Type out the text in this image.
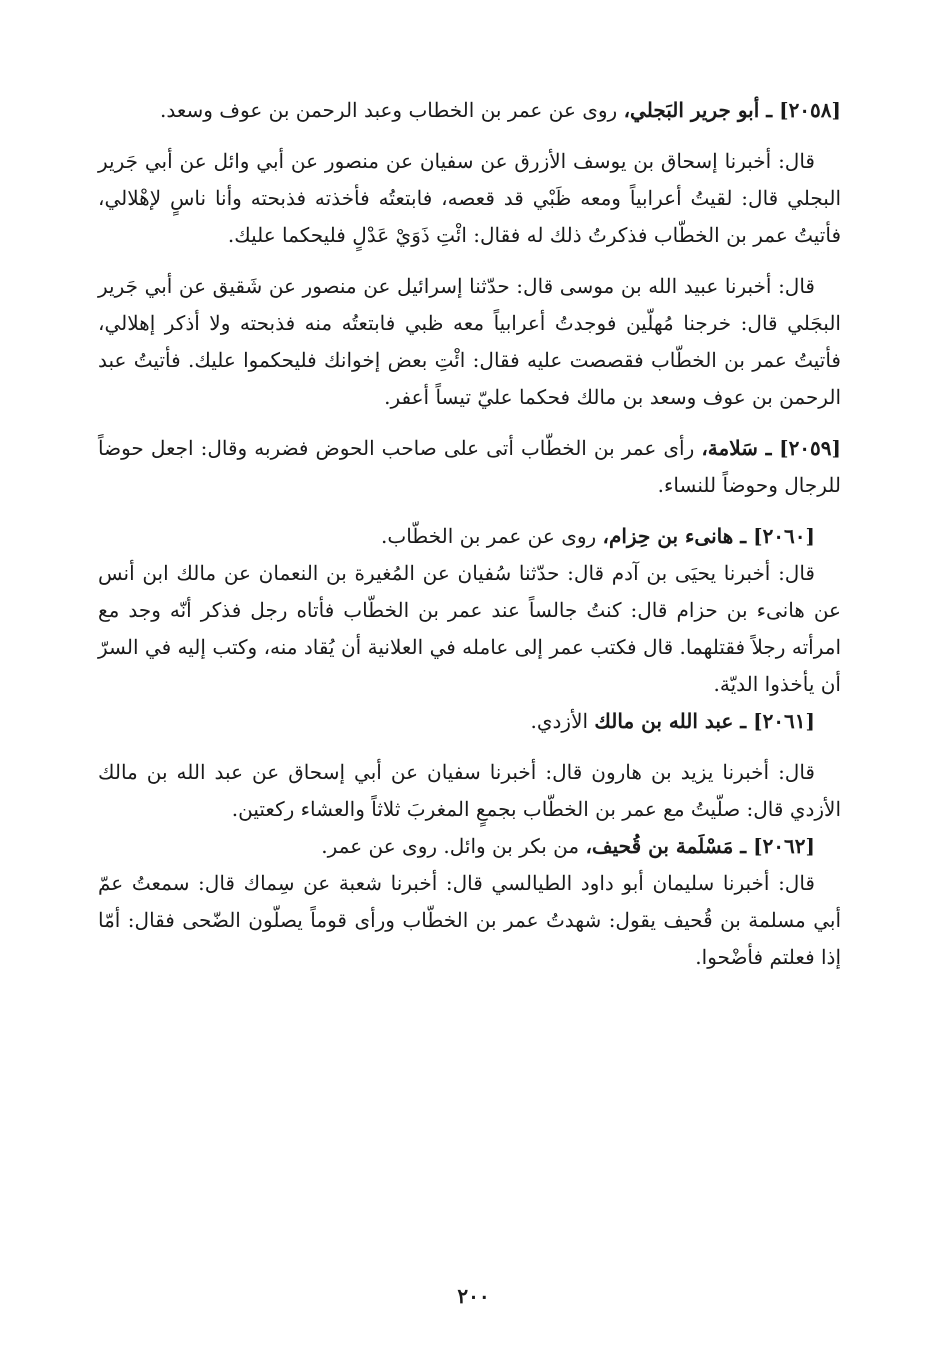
[٢٠٥٨] ـ أبو جرير البَجلي، روى عن عمر بن الخطاب وعبد الرحمن بن عوف وسعد.

قال: أخبرنا إسحاق بن يوسف الأزرق عن سفيان عن منصور عن أبي وائل عن أبي جَرير البجلي قال: لقيتُ أعرابياً ومعه ظَبْي قد قعصه، فابتعتُه فأخذته فذبحته وأنا ناسٍ لإهْلالي، فأتيتُ عمر بن الخطّاب فذكرتُ ذلك له فقال: ائْتِ ذَوَيْ عَدْلٍ فليحكما عليك.

قال: أخبرنا عبيد الله بن موسى قال: حدّثنا إسرائيل عن منصور عن شَقيق عن أبي جَرير البجَلي قال: خرجنا مُهلّين فوجدتُ أعرابياً معه ظبي فابتعتُه منه فذبحته ولا أذكر إهلالي، فأتيتُ عمر بن الخطّاب فقصصت عليه فقال: ائْتِ بعض إخوانك فليحكموا عليك. فأتيتُ عبد الرحمن بن عوف وسعد بن مالك فحكما عليّ تيساً أعفر.

[٢٠٥٩] ـ سَلامة، رأى عمر بن الخطّاب أتى على صاحب الحوض فضربه وقال: اجعل حوضاً للرجال وحوضاً للنساء.

[٢٠٦٠] ـ هانىء بن حِزام، روى عن عمر بن الخطّاب.

قال: أخبرنا يحيَى بن آدم قال: حدّثنا سُفيان عن المُغيرة بن النعمان عن مالك ابن أنس عن هانىء بن حزام قال: كنتُ جالساً عند عمر بن الخطّاب فأتاه رجل فذكر أنّه وجد مع امرأته رجلاً فقتلهما. قال فكتب عمر إلى عامله في العلانية أن يُقاد منه، وكتب إليه في السرّ أن يأخذوا الديّة.

[٢٠٦١] ـ عبد الله بن مالك الأزدي.

قال: أخبرنا يزيد بن هارون قال: أخبرنا سفيان عن أبي إسحاق عن عبد الله بن مالك الأزدي قال: صلّيتُ مع عمر بن الخطّاب بجمعٍ المغربَ ثلاثاً والعشاء ركعتين.

[٢٠٦٢] ـ مَسْلَمة بن قُحيف، من بكر بن وائل. روى عن عمر.

قال: أخبرنا سليمان أبو داود الطيالسي قال: أخبرنا شعبة عن سِماك قال: سمعتُ عمّ أبي مسلمة بن قُحيف يقول: شهدتُ عمر بن الخطّاب ورأى قوماً يصلّون الضّحى فقال: أمّا إذا فعلتم فأضْحوا.

٢٠٠
